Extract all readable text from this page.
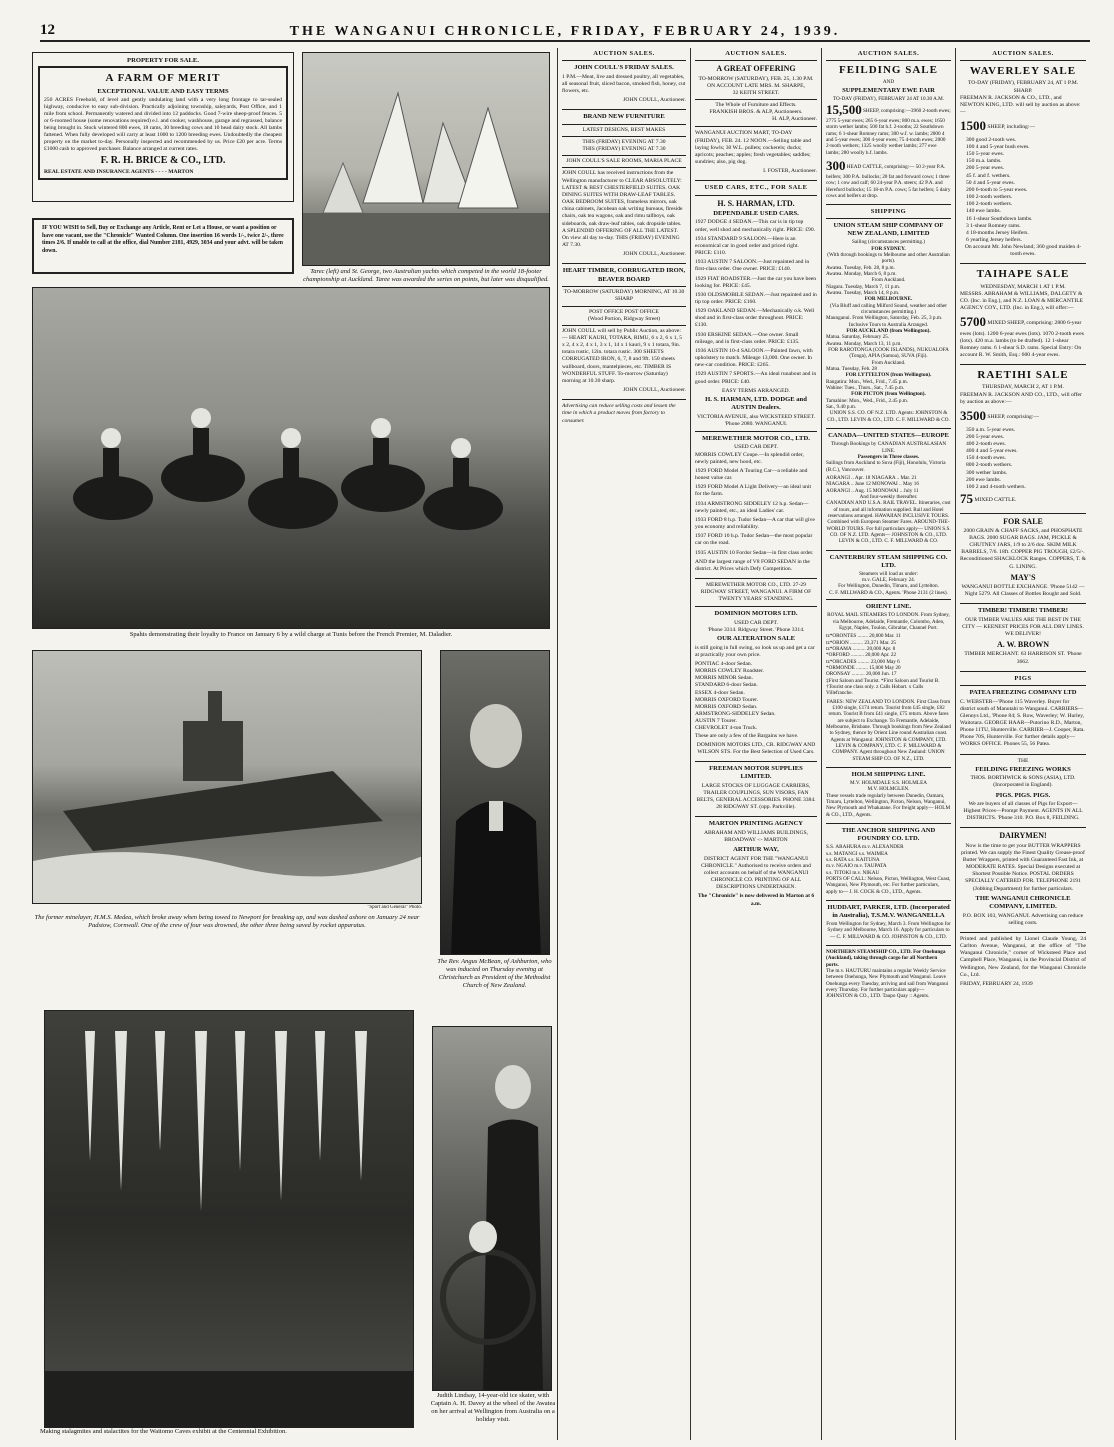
12	THE WANGANUI CHRONICLE, FRIDAY, FEBRUARY 24, 1939.
PROPERTY FOR SALE.
A FARM OF MERIT
EXCEPTIONAL VALUE AND EASY TERMS

250 ACRES Freehold, of level and gently undulating land with a very long frontage to tar-sealed highway, conducive to easy sub-division. Practically adjoining township, saleyards, Post Office, and 1 mile from school. Permanently watered and divided into 12 paddocks. Good 7-wire sheep-proof fences. 5 or 6-roomed house (some renovations required) e.l. and cooker, washhouse, garage and regrassed, balance being brought in. Stock wintered 800 ewes, 18 rams, 30 breeding cows and 10 head dairy stock. All lambs fattened. When fully developed will carry at least 1000 to 1200 breeding ewes. Undoubtedly the cheapest property on the market to-day. Personally inspected and recommended by us. Price £20 per acre. Terms £1000 cash to approved purchaser. Balance arranged at current rates.

F. R. H. BRICE & CO., LTD.
REAL ESTATE AND INSURANCE AGENTS - - - - MARTON
IF YOU WISH to Sell, Buy or Exchange any Article, Rent or Let a House, or want a position or have one vacant, use the "Chronicle" Wanted Column. One insertion 16 words 1/-, twice 2/-, three times 2/6. If unable to call at the office, dial Number 2181, 4929, 3034 and your advt. will be taken down.
Tarec (left) and St. George, two Australian yachts which competed in the world 18-footer championship at Auckland. Taree was awarded the series on points, but later was disqualified.
Spahis demonstrating their loyalty to France on January 6 by a wild charge at Tunis before the French Premier, M. Daladier.
"Sport and General" Photo.
The former minelayer, H.M.S. Medea, which broke away when being towed to Newport for breaking up, and was dashed ashore on January 24 near Padstow, Cornwall. One of the crew of four was drowned, the other three being saved by rocket apparatus.
The Rev. Angus McBean, of Ashburton, who was inducted on Thursday evening at Christchurch as President of the Methodist Church of New Zealand.
Making stalagmites and stalactites for the Waitomo Caves exhibit at the Centennial Exhibition.
Judith Lindsay, 14-year-old ice skater, with Captain A. H. Davey at the wheel of the Awatea on her arrival at Wellington from Australia on a holiday visit.
AUCTION SALES.
JOHN COULL'S FRIDAY SALES.

1 P.M.—Meat, live and dressed poultry, all vegetables, all seasonal fruit, sliced bacon, smoked fish, honey, cut flowers, etc.

JOHN COULL, Auctioneer.

BRAND NEW FURNITURE
LATEST DESIGNS, BEST MAKES
THIS (FRIDAY) EVENING AT 7.30
THIS (FRIDAY) EVENING AT 7.30
JOHN COULL'S SALE ROOMS, MARIA PLACE

JOHN COULL has received instructions from the Wellington manufacturer to CLEAR ABSOLUTELY: LATEST & BEST CHESTERFIELD SUITES. OAK DINING SUITES WITH DRAW-LEAF TABLES. OAK BEDROOM SUITES, frameless mirrors, oak china cabinets, Jacobean oak writing bureaus, fireside chairs, oak tea wagons, oak and rimu tallboys, oak sideboards, oak draw-leaf tables, oak dropside tables. A SPLENDID OFFERING OF ALL THE LATEST. On view all day to-day. THIS (FRIDAY) EVENING AT 7.30.

JOHN COULL, Auctioneer.

HEART TIMBER, CORRUGATED IRON, BEAVER BOARD
TO-MORROW (SATURDAY) MORNING, AT 10.30 SHARP
POST OFFICE POST OFFICE
(Wood Portion, Ridgway Street)

JOHN COULL will sell by Public Auction, as above:— HEART KAURI, TOTARA, RIMU, 6 x 2, 6 x 1, 5 x 2, 4 x 2, 4 x 1, 3 x 1, 14 x 1 kauri, 9 x 1 totara, 9in. totara rustic, 12in. totara rustic. 300 SHEETS CORRUGATED IRON, 6, 7, 8 and 9ft. 150 sheets wallboard, doors, mantelpieces, etc. TIMBER IS WONDERFUL STUFF. To-morrow (Saturday) morning at 10.30 sharp.

JOHN COULL, Auctioneer.

Advertising can reduce selling costs and lessen the time in which a product moves from factory to consumer.

AUCTION SALES.
A GREAT OFFERING
TO-MORROW (SATURDAY), FEB. 25, 1.30 P.M.
ON ACCOUNT LATE MRS. M. SHARPE,
32 KEITH STREET.
The Whole of Furniture and Effects.
FRANKISH BROS. & ALP, Auctioneers.
H. ALP, Auctioneer.

WANGANUI AUCTION MART, TO-DAY (FRIDAY), FEB. 24. 12 NOON.—Selling table and laying fowls; 30 W.L. pullets; cockerels; ducks; apricots; peaches; apples; fresh vegetables; saddles; sundries; also, pig dog.

I. FOSTER, Auctioneer.

USED CARS, ETC., FOR SALE
H. S. HARMAN, LTD.
DEPENDABLE USED CARS.

1927 DODGE 4 SEDAN.—This car is in tip top order, well shod and mechanically right. PRICE: £90.

1934 STANDARD 9 SALOON.—Here is an economical car in good order and priced right. PRICE: £110.

1933 AUSTIN 7 SALOON.—Just repainted and in first-class order. One owner. PRICE: £140.

1929 FIAT ROADSTER.—Just the car you have been looking for. PRICE: £45.

1930 OLDSMOBILE SEDAN.—Just repainted and in tip top order. PRICE: £160.

1929 OAKLAND SEDAN.—Mechanically o.k. Well shod and in first-class order throughout. PRICE: £130.

1930 ERSKINE SEDAN.—One owner. Small mileage, and in first-class order. PRICE: £135.

1936 AUSTIN 10-4 SALOON.—Painted fawn, with upholstery to match. Mileage 13,000. One owner. In new-car condition. PRICE: £265.

1929 AUSTIN 7 SPORTS.—An ideal runabout and in good order. PRICE: £40.

EASY TERMS ARRANGED.
H. S. HARMAN, LTD. DODGE and AUSTIN Dealers.
VICTORIA AVENUE, also WICKSTEED STREET.
'Phone 2080. WANGANUI.
MEREWETHER MOTOR CO., LTD.
USED CAR DEPT.

MORRIS COWLEY Coupe.—In splendid order, newly painted, new hood, etc.

1929 FORD Model A Touring Car—a reliable and honest value car.

1929 FORD Model A Light Delivery—an ideal unit for the farm.

1934 ARMSTRONG SIDDELEY 12 h.p. Sedan—newly painted, etc., an ideal Ladies' car.

1933 FORD 8 h.p. Tudor Sedan—A car that will give you economy and reliability.

1937 FORD 10 h.p. Tudor Sedan—the most popular car on the road.

1935 AUSTIN 10 Fordor Sedan—in first class order.

AND the largest range of V8 FORD SEDAN in the district. At Prices which Defy Competition.

MEREWETHER MOTOR CO., LTD. 27-29 RIDGWAY STREET, WANGANUI. A FIRM OF TWENTY YEARS' STANDING.
DOMINION MOTORS LTD.
USED CAR DEPT.
'Phone 3314. Ridgway Street. 'Phone 3314.
OUR ALTERATION SALE

is still going in full swing, so look us up and get a car at practically your own price.

PONTIAC 4-door Sedan.
MORRIS COWLEY Roadster.
MORRIS MINOR Sedan.
STANDARD 6-door Sedan.
ESSEX 4-door Sedan.
MORRIS OXFORD Tourer.
MORRIS OXFORD Sedan.
ARMSTRONG-SIDDELEY Sedan.
AUSTIN 7 Tourer.
CHEVROLET 4-ton Truck.

These are only a few of the Bargains we have.

DOMINION MOTORS LTD., CR. RIDGWAY AND WILSON STS. For the Best Selection of Used Cars.

FREEMAN MOTOR SUPPLIES LIMITED.

LARGE STOCKS OF LUGGAGE CARRIERS, TRAILER COUPLINGS, SUN VISORS, FAN BELTS, GENERAL ACCESSORIES. PHONE 3384. 28 RIDGWAY ST. (opp. Parkville).

MARTON PRINTING AGENCY

ABRAHAM AND WILLIAMS BUILDINGS, BROADWAY -:- MARTON

ARTHUR WAY,

DISTRICT AGENT FOR THE "WANGANUI CHRONICLE." Authorised to receive orders and collect accounts on behalf of the WANGANUI CHRONICLE CO. PRINTING OF ALL DESCRIPTIONS UNDERTAKEN.

The "Chronicle" is now delivered in Marton at 6 a.m.

AUCTION SALES.
FEILDING SALE
AND
SUPPLEMENTARY EWE FAIR
TO-DAY (FRIDAY), FEBRUARY 24 AT 10.30 A.M.

15,500 SHEEP, comprising:—3960 2-tooth ewes; 2775 5-year ewes; 265 6-year ewes; 800 m.a. ewes; 1650 storm wether lambs; 500 fat h.f. 2-tooths; 22 Southdown rams; 6 1-shear Romney rams; 300 w.f. w. lambs; 2000 4 and 5-year ewes; 300 4-year ewes; 75 4-tooth ewes; 2000 2-tooth wethers; 1325 woolly wether lambs; 277 ewe lambs; 280 woolly h.f. lambs.

300 HEAD CATTLE, comprising:— 50 2-year P.A. heifers; 300 P.A. bullocks; 20 fat and forward cows; 1 three cow; 1 cow and calf; 60 24-year P.A. steers; 42 P.A. and Hereford bullocks; 15 18-m P.A. cows; 5 fat heifers; 5 dairy cows and heifers at drop.

SHIPPING
UNION STEAM SHIP COMPANY OF NEW ZEALAND, LIMITED
Sailing (circumstances permitting.)
FOR SYDNEY.
(With through bookings to Melbourne and other Australian ports).
Awatea. Tuesday, Feb. 28, 8 p.m.
Awatea. Monday, March 6, 8 p.m.
From Auckland.
Niagara. Tuesday, March 7, 11 p.m.
Awatea. Tuesday, March 14, 8 p.m.
FOR MELBOURNE.
(Via Bluff and calling Milford Sound, weather and other circumstances permitting.)
Maunganui. From Wellington, Saturday, Feb. 25, 3 p.m.
Inclusive Tours to Australia Arranged.
FOR AUCKLAND (from Wellington).
Matua. Saturday, February 25.
Awatea. Monday, March 13, 11 p.m.
FOR RAROTONGA (COOK ISLANDS), NUKUALOFA (Tonga), APIA (Samoa), SUVA (Fiji).
From Auckland.
Matua. Tuesday, Feb. 28
FOR LYTTELTON (from Wellington).
Rangatira: Mon., Wed., Frid., 7.45 p.m.
Wahine: Tues., Thurs., Sat., 7.45 p.m.
FOR PICTON (from Wellington).
Tamahine: Mon., Wed., Frid., 2.45 p.m.
Sat., 9.40 p.m.

UNION S.S. CO. OF N.Z. LTD. Agents: JOHNSTON & CO., LTD. LEVIN & CO., LTD. C. F. MILLWARD & CO.

CANADA—UNITED STATES—EUROPE
Through Bookings by CANADIAN AUSTRALASIAN LINE.
Passengers in Three classes.

Sailings from Auckland to Suva (Fiji), Honolulu, Victoria (B.C.), Vancouver.

AORANGI .. Apr. 18 NIAGARA .. Mar. 21
NIAGARA .. June 12 MONOWAI .. May 16
AORANGI .. Aug. 15 MONOWAI .. July 11
And four-weekly thereafter.

CANADIAN AND U.S.A. RAIL TRAVEL. Itineraries, cost of tours, and all information supplied. Rail and Hotel reservations arranged. HAWAIIAN INCLUSIVE TOURS. Combined with European Steamer Fares. AROUND-THE-WORLD TOURS. For full particulars apply— UNION S.S. CO. OF N.Z. LTD. Agents— JOHNSTON & CO., LTD. LEVIN & CO., LTD. C. F. MILLWARD & CO.

CANTERBURY STEAM SHIPPING CO. LTD.
Steamers will load as under:
m.v. GALE, February 24.
For Wellington, Dunedin, Timaru, and Lyttelton.
C. F. MILLWARD & CO., Agents. 'Phone 2131 (2 lines).
ORIENT LINE.

ROYAL MAIL STEAMERS TO LONDON. From Sydney, via Melbourne, Adelaide, Fremantle, Colombo, Aden, Egypt, Naples, Toulon, Gibraltar, Channel Port.

tz*ORONTES ........ 20,000 Mar. 11
tz*ORION .......... 23,371 Mar. 25
tz*ORAMA .......... 20,000 Apr. 8
*ORFORD .......... 20,000 Apr. 22
tz*ORCADES ......... 23,000 May 6
*ORMONDE ......... 15,000 May 20
ORONSAY .......... 20,000 Jun. 17

‡First Saloon and Tourist. *First Saloon and Tourist B. †Tourist one class only. z Calls Hobart. x Calls Villefranche.

FARES: NEW ZEALAND TO LONDON. First Class from £100 single, £174 return. Tourist from £45 single, £82 return. Tourist B from £41 single, £75 return. Above fares are subject to Exchange. To Fremantle, Adelaide, Melbourne, Brisbane. Through bookings from New Zealand to Sydney, thence by Orient Line round Australian coast. Agents at Wanganui: JOHNSTON & COMPANY, LTD. LEVIN & COMPANY, LTD. C. F. MILLWARD & COMPANY. Agent throughout New Zealand: UNION STEAM SHIP CO. OF N.Z., LTD.

HOLM SHIPPING LINE.
M.V. HOLMDALE S.S. HOLMLEA
M.V. HOLMGLEN.

These vessels trade regularly between Dunedin, Oamaru, Timaru, Lyttelton, Wellington, Picton, Nelson, Wanganui, New Plymouth and Whakatane. For freight apply— HOLM & CO., LTD., Agents.

THE ANCHOR SHIPPING AND FOUNDRY CO. LTD.
S.S. ARAHURA m.v. ALEXANDER
s.s. MATANGI s.s. WAIMEA
s.s. RATA s.s. KAITUNA
m.v. NGAIO m.v. TAUPATA
s.s. TITOKI m.v. NIKAU

PORTS OF CALL: Nelson, Picton, Wellington, West Coast, Wanganui, New Plymouth, etc. For further particulars, apply to— J. H. COCK & CO., LTD., Agents.

HUDDART, PARKER, LTD. (Incorporated in Australia), T.S.M.V. WANGANELLA

From Wellington for Sydney, March 3. From Wellington for Sydney and Melbourne, March 16. Apply for particulars to— C. F. MILLWARD & CO. JOHNSTON & CO., LTD.

NORTHERN STEAMSHIP CO., LTD. For Onehunga (Auckland), taking through cargo for all Northern ports.

The m.v. HAUTURU maintains a regular Weekly Service between Onehunga, New Plymouth and Wanganui. Leave Onehunga every Tuesday, arriving and sail from Wanganui every Thursday. For further particulars apply— JOHNSTON & CO., LTD. Taupo Quay :: Agents.

AUCTION SALES.
WAVERLEY SALE
TO-DAY (FRIDAY), FEBRUARY 24, AT 1 P.M. SHARP.

FREEMAN R. JACKSON & CO., LTD., and NEWTON KING, LTD. will sell by auction as above:—

1500 SHEEP, including:—

300 good 2-tooth wes.
100 4 and 5-year bush ewes.
150 5-year ewes.
150 m.a. lambs.
200 5-year ewes.
45 f. and f. wethers.
50 4 and 5-year ewes.
200 6-tooth to 5-year ewes.
100 2-tooth wethers.
100 2-tooth wethers.
140 ewe lambs.
16 1-shear Southdown lambs.
3 1-shear Romney rams.
4 18-months Jersey Heifers.
6 yearling Jersey heifers.

On account Mr. John Newland; 360 good maiden 4-tooth ewes.

TAIHAPE SALE
WEDNESDAY, MARCH 1 AT 1 P.M.

MESSRS. ABRAHAM & WILLIAMS, DALGETY & CO. (Inc. in Eng.), and N.Z. LOAN & MERCANTILE AGENCY COY., LTD. (Inc. in Eng.), will offer:—

5700 MIXED SHEEP, comprising: 2800 6-year ewes (lots). 1200 6-year ewes (lots). 1070 2-tooth ewes (lots). 420 m.a. lambs (to be drafted). 12 1-shear Romney rams. 6 1-shear S.D. rams. Special Entry: On account R. W. Smith, Esq.: 600 4-year ewes.

RAETIHI SALE
THURSDAY, MARCH 2, AT 1 P.M.

FREEMAN R. JACKSON AND CO., LTD., will offer by auction as above:—

3500 SHEEP, comprising:—

350 a.m. 5-year ewes.
200 5-year ewes.
400 2-tooth ewes.
400 4 and 5-year ewes.
150 4-tooth ewes.
800 2-tooth wethers.
300 wether lambs.
200 ewe lambs.
100 2 and 4-tooth wethers.

75 MIXED CATTLE.

FOR SALE

2000 GRAIN & CHAFF SACKS, and PHOSPHATE BAGS. 2000 SUGAR BAGS. JAM, PICKLE & CHUTNEY JARS, 1/9 to 2/6 doz. SKIM MILK BARRELS, 7/6. 18ft. COPPER PIG TROUGH, £2/5/-. Reconditioned SHACKLOCK Ranges. COPPERS, T. & G. LINING.

MAY'S

WANGANUI BOTTLE EXCHANGE. 'Phone 5142 — Night 5279. All Classes of Bottles Bought and Sold.

TIMBER! TIMBER! TIMBER!

OUR TIMBER VALUES ARE THE BEST IN THE CITY — KEENEST PRICES FOR ALL DRY LINES. WE DELIVER!

A. W. BROWN

TIMBER MERCHANT. 63 HARRISON ST. 'Phone 3662.

PIGS
PATEA FREEZING COMPANY LTD

C. WEBSTER—'Phone 115 Waverley. Buyer for district south of Manutahi to Wanganui. CARRIERS—Glennys Ltd., 'Phone 84; S. Row, Waverley; W. Hurley, Waitotara. GEORGE HAAR—Putorino R.D., Marton, Phone 11TU, Hunterville. CARRIER—J. Cooper, Rata. Phone 70S, Hunterville. For further details apply— WORKS OFFICE. Phones 55, 56 Patea.

THE
FEILDING FREEZING WORKS

THOS. BORTHWICK & SONS (ASIA), LTD. (Incorporated in England).

PIGS. PIGS. PIGS.

We are buyers of all classes of Pigs for Export—Highest Prices—Prompt Payment. AGENTS IN ALL DISTRICTS. 'Phone 310. P.O. Box 8, FEILDING.

DAIRYMEN!

Now is the time to get your BUTTER WRAPPERS printed. We can supply the Finest Quality Grease-proof Butter Wrappers, printed with Guaranteed Fast Ink, at MODERATE RATES. Special Designs executed at Shortest Possible Notice. POSTAL ORDERS SPECIALLY CATERED FOR. TELEPHONE 2191 (Jobbing Department) for further particulars.

THE WANGANUI CHRONICLE COMPANY, LIMITED.

P.O. BOX 103, WANGANUI. Advertising can reduce selling costs.

Printed and published by Lionel Claude Young, 24 Carlton Avenue, Wanganui, at the office of "The Wanganui Chronicle," corner of Wicksteed Place and Campbell Place, Wanganui, in the Provincial District of Wellington, New Zealand, for the Wanganui Chronicle Co., Ltd.

FRIDAY, FEBRUARY 24, 1939
